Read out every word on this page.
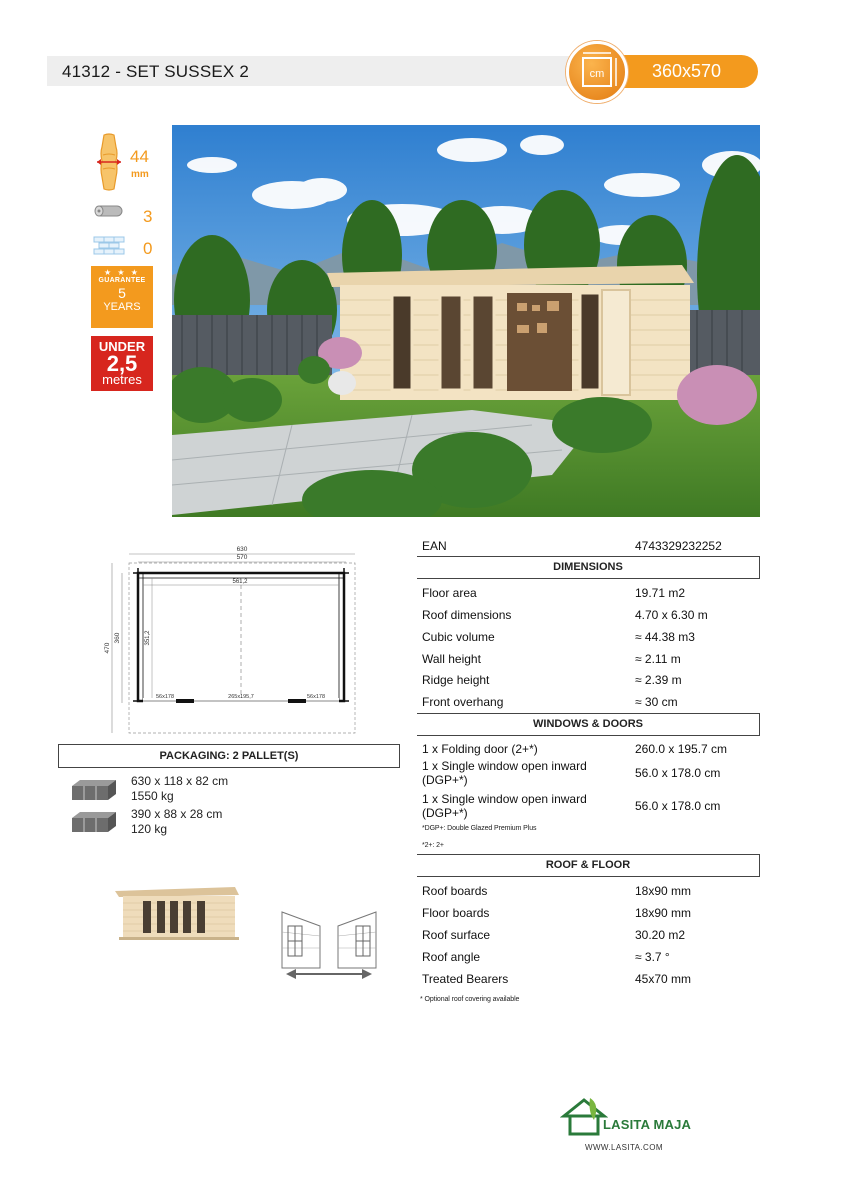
41312 - SET SUSSEX 2	360x570
cm
44
mm
3
0
★ ★ ★
GUARANTEE
5
YEARS
UNDER
2,5
metres
630
570
470
360
561,2
351,2
56x178	265x195,7	56x178
PACKAGING: 2 PALLET(S)
630 x 118 x 82 cm
1550 kg
390 x 88 x 28 cm
120 kg
EAN	4743329232252
DIMENSIONS
Floor area	19.71 m2
Roof dimensions	4.70 x 6.30 m
Cubic volume	≈ 44.38 m3
Wall height	≈ 2.11 m
Ridge height	≈ 2.39 m
Front overhang	≈ 30 cm
WINDOWS & DOORS
1 x Folding door (2+*)	260.0 x 195.7 cm
1 x Single window open inward
(DGP+*)	56.0 x 178.0 cm
1 x Single window open inward
(DGP+*)	56.0 x 178.0 cm
*DGP+: Double Glazed Premium Plus
*2+: 2+
ROOF & FLOOR
Roof boards	18x90 mm
Floor boards	18x90 mm
Roof surface	30.20 m2
Roof angle	≈ 3.7 °
Treated Bearers	45x70 mm
* Optional roof covering available
LASITA MAJA
WWW.LASITA.COM
